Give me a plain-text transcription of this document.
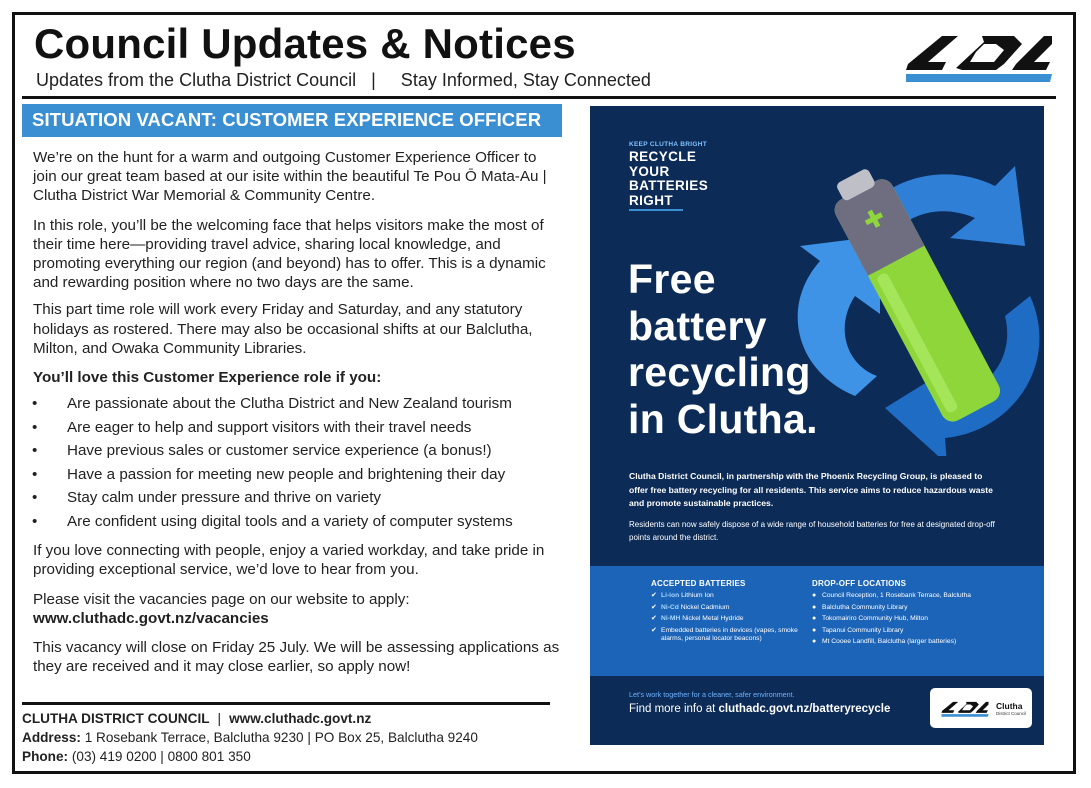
Council Updates & Notices
Updates from the Clutha District Council   |     Stay Informed, Stay Connected
SITUATION VACANT: CUSTOMER EXPERIENCE OFFICER

We’re on the hunt for a warm and outgoing Customer Experience Officer to join our great team based at our isite within the beautiful Te Pou Ō Mata-Au | Clutha District War Memorial & Community Centre.

In this role, you’ll be the welcoming face that helps visitors make the most of their time here—providing travel advice, sharing local knowledge, and promoting everything our region (and beyond) has to offer. This is a dynamic and rewarding position where no two days are the same.

This part time role will work every Friday and Saturday, and any statutory holidays as rostered. There may also be occasional shifts at our Balclutha, Milton, and Owaka Community Libraries.

You’ll love this Customer Experience role if you:

• Are passionate about the Clutha District and New Zealand tourism
• Are eager to help and support visitors with their travel needs
• Have previous sales or customer service experience (a bonus!)
• Have a passion for meeting new people and brightening their day
• Stay calm under pressure and thrive on variety
• Are confident using digital tools and a variety of computer systems

If you love connecting with people, enjoy a varied workday, and take pride in providing exceptional service, we’d love to hear from you.

Please visit the vacancies page on our website to apply:
www.cluthadc.govt.nz/vacancies

This vacancy will close on Friday 25 July. We will be assessing applications as they are received and it may close earlier, so apply now!

CLUTHA DISTRICT COUNCIL | www.cluthadc.govt.nz
Address: 1 Rosebank Terrace, Balclutha 9230 | PO Box 25, Balclutha 9240
Phone: (03) 419 0200 | 0800 801 350
KEEP CLUTHA BRIGHT
RECYCLE
YOUR
BATTERIES
RIGHT
Free
battery
recycling
in Clutha.
Clutha District Council, in partnership with the Phoenix Recycling Group, is pleased to offer free battery recycling for all residents. This service aims to reduce hazardous waste and promote sustainable practices.
Residents can now safely dispose of a wide range of household batteries for free at designated drop-off points around the district.
ACCEPTED BATTERIES
✔ Li-ion Lithium Ion
✔ Ni-Cd Nickel Cadmium
✔ Ni-MH Nickel Metal Hydride
✔ Embedded batteries in devices (vapes, smoke alarms, personal locator beacons)
DROP-OFF LOCATIONS
● Council Reception, 1 Rosebank Terrace, Balclutha
● Balclutha Community Library
● Tokomairiro Community Hub, Milton
● Tapanui Community Library
● Mt Cooee Landfill, Balclutha (larger batteries)
Let’s work together for a cleaner, safer environment.
Find more info at cluthadc.govt.nz/batteryrecycle	Clutha
District Council
